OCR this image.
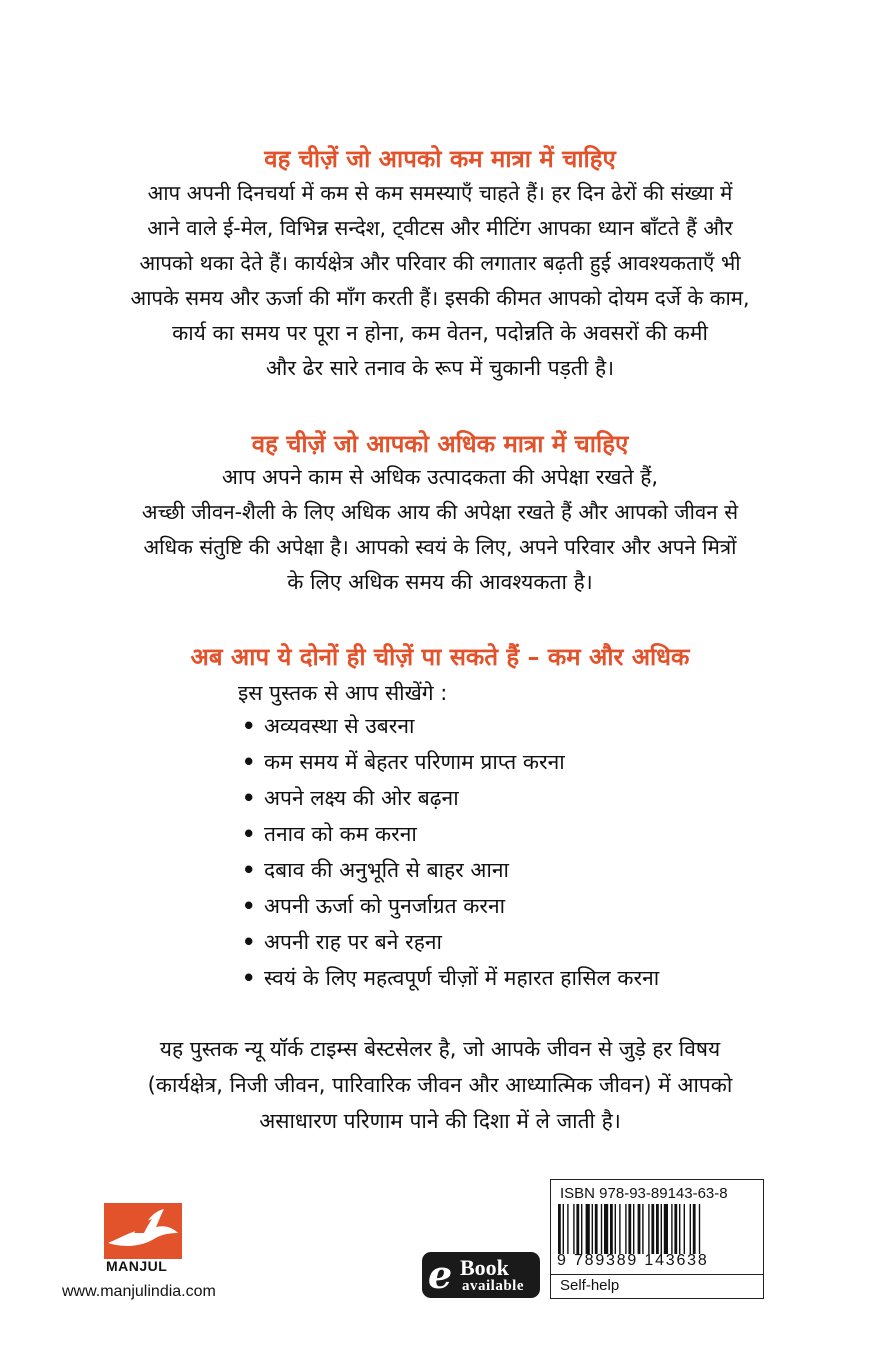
वह चीज़ें जो आपको कम मात्रा में चाहिए
आप अपनी दिनचर्या में कम से कम समस्याएँ चाहते हैं। हर दिन ढेरों की संख्या में
आने वाले ई-मेल, विभिन्न सन्देश, ट्वीटस और मीटिंग आपका ध्यान बाँटते हैं और
आपको थका देते हैं। कार्यक्षेत्र और परिवार की लगातार बढ़ती हुई आवश्यकताएँ भी
आपके समय और ऊर्जा की माँग करती हैं। इसकी कीमत आपको दोयम दर्जे के काम,
कार्य का समय पर पूरा न होना, कम वेतन, पदोन्नति के अवसरों की कमी
और ढेर सारे तनाव के रूप में चुकानी पड़ती है।
वह चीज़ें जो आपको अधिक मात्रा में चाहिए
आप अपने काम से अधिक उत्पादकता की अपेक्षा रखते हैं,
अच्छी जीवन-शैली के लिए अधिक आय की अपेक्षा रखते हैं और आपको जीवन से
अधिक संतुष्टि की अपेक्षा है। आपको स्वयं के लिए, अपने परिवार और अपने मित्रों
के लिए अधिक समय की आवश्यकता है।
अब आप ये दोनों ही चीज़ें पा सकते हैं – कम और अधिक
इस पुस्तक से आप सीखेंगे :
• अव्यवस्था से उबरना
• कम समय में बेहतर परिणाम प्राप्त करना
• अपने लक्ष्य की ओर बढ़ना
• तनाव को कम करना
• दबाव की अनुभूति से बाहर आना
• अपनी ऊर्जा को पुनर्जाग्रत करना
• अपनी राह पर बने रहना
• स्वयं के लिए महत्वपूर्ण चीज़ों में महारत हासिल करना
यह पुस्तक न्यू यॉर्क टाइम्स बेस्टसेलर है, जो आपके जीवन से जुड़े हर विषय
(कार्यक्षेत्र, निजी जीवन, पारिवारिक जीवन और आध्यात्मिक जीवन) में आपको
असाधारण परिणाम पाने की दिशा में ले जाती है।
MANJUL
www.manjulindia.com	e Book
available
ISBN 978-93-89143-63-8
9 789389 143638
Self-help
